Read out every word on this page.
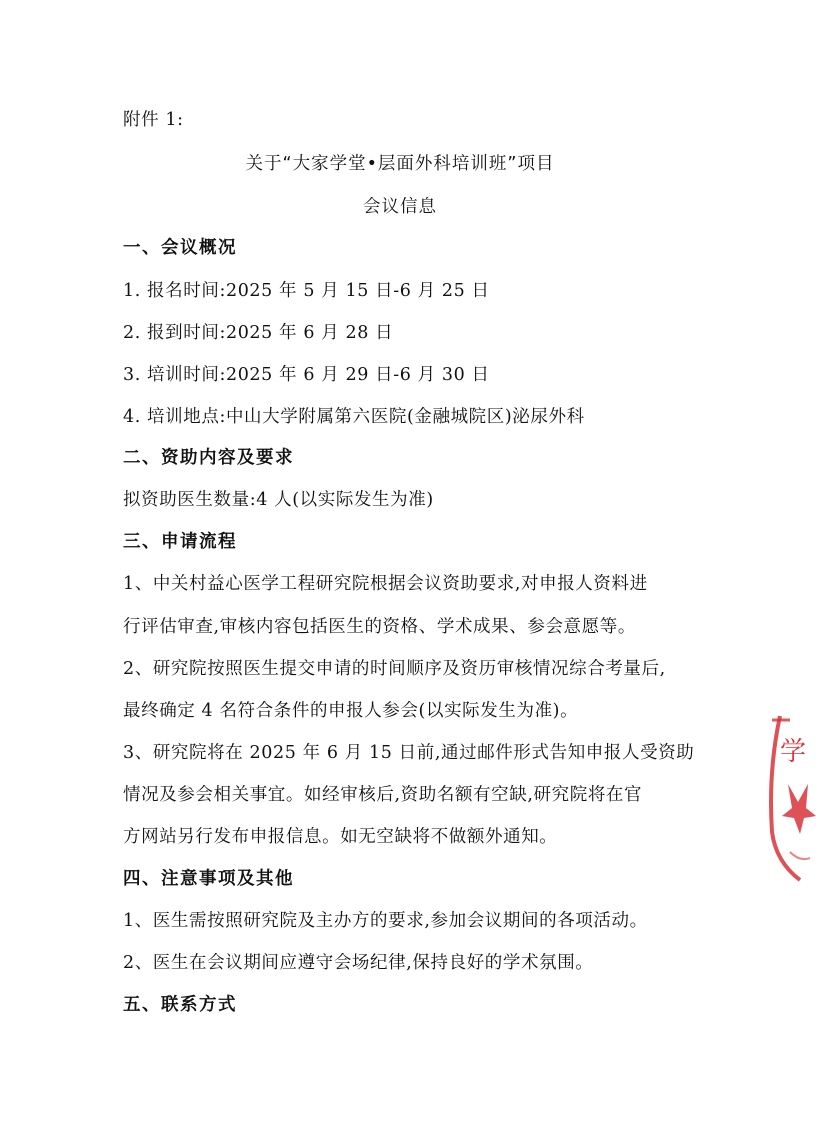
附件 1:
关于“大家学堂•层面外科培训班”项目
会议信息
一、会议概况
1. 报名时间:2025 年 5 月 15 日-6 月 25 日
2. 报到时间:2025 年 6 月 28 日
3. 培训时间:2025 年 6 月 29 日-6 月 30 日
4. 培训地点:中山大学附属第六医院(金融城院区)泌尿外科
二、资助内容及要求
拟资助医生数量:4 人(以实际发生为准)
三、申请流程
1、中关村益心医学工程研究院根据会议资助要求,对申报人资料进
行评估审查,审核内容包括医生的资格、学术成果、参会意愿等。
2、研究院按照医生提交申请的时间顺序及资历审核情况综合考量后,
最终确定 4 名符合条件的申报人参会(以实际发生为准)。
3、研究院将在 2025 年 6 月 15 日前,通过邮件形式告知申报人受资助
情况及参会相关事宜。如经审核后,资助名额有空缺,研究院将在官
方网站另行发布申报信息。如无空缺将不做额外通知。
四、注意事项及其他
1、医生需按照研究院及主办方的要求,参加会议期间的各项活动。
2、医生在会议期间应遵守会场纪律,保持良好的学术氛围。
五、联系方式
学
